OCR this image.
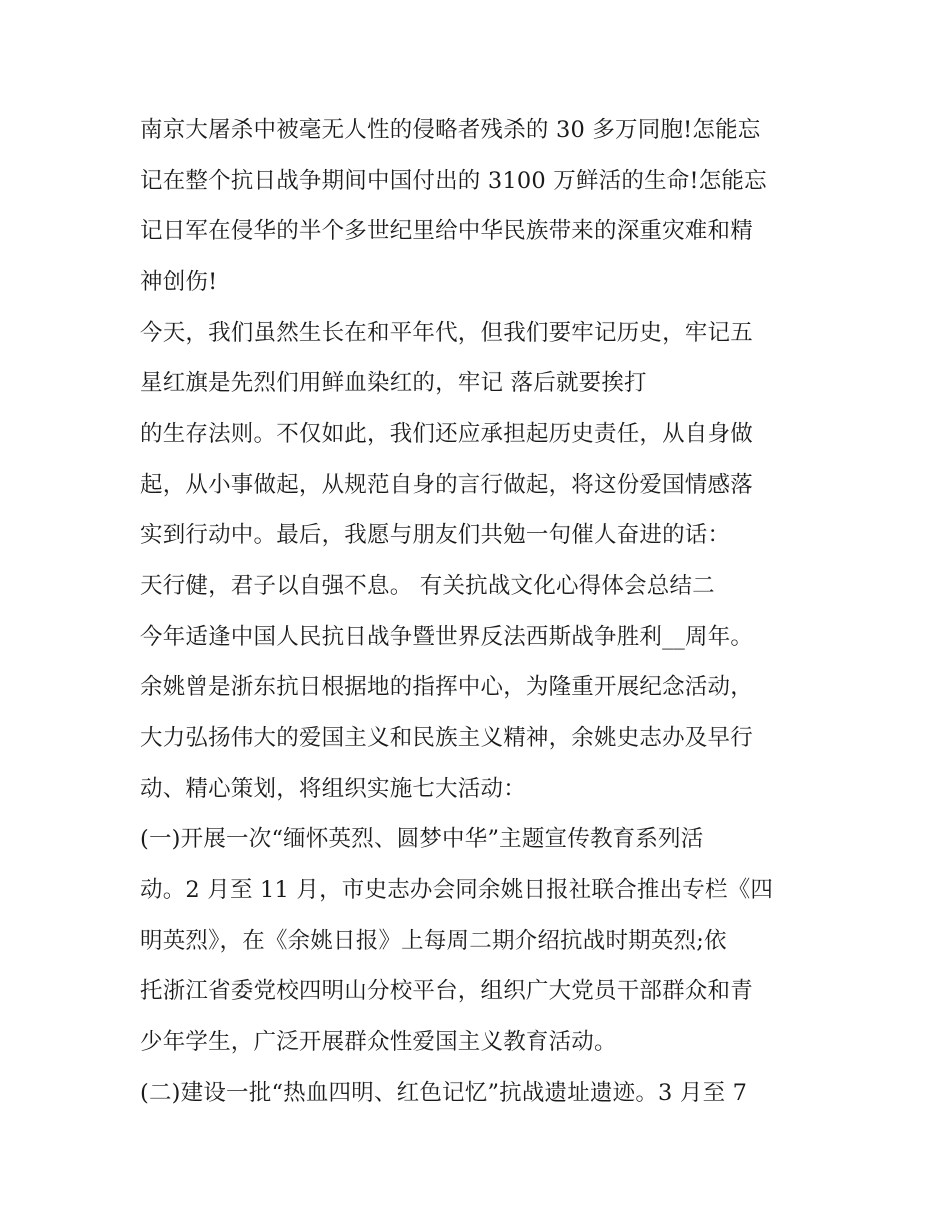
南京大屠杀中被毫无人性的侵略者残杀的 30 多万同胞!怎能忘
记在整个抗日战争期间中国付出的 3100 万鲜活的生命!怎能忘
记日军在侵华的半个多世纪里给中华民族带来的深重灾难和精
神创伤!
今天，我们虽然生长在和平年代，但我们要牢记历史，牢记五
星红旗是先烈们用鲜血染红的，牢记 落后就要挨打
的生存法则。不仅如此，我们还应承担起历史责任，从自身做
起，从小事做起，从规范自身的言行做起，将这份爱国情感落
实到行动中。最后，我愿与朋友们共勉一句催人奋进的话：
天行健，君子以自强不息。 有关抗战文化心得体会总结二
今年适逢中国人民抗日战争暨世界反法西斯战争胜利__周年。
余姚曾是浙东抗日根据地的指挥中心，为隆重开展纪念活动，
大力弘扬伟大的爱国主义和民族主义精神，余姚史志办及早行
动、精心策划，将组织实施七大活动：
(一)开展一次“缅怀英烈、圆梦中华”主题宣传教育系列活
动。2 月至 11 月，市史志办会同余姚日报社联合推出专栏《四
明英烈》，在《余姚日报》上每周二期介绍抗战时期英烈;依
托浙江省委党校四明山分校平台，组织广大党员干部群众和青
少年学生，广泛开展群众性爱国主义教育活动。
(二)建设一批“热血四明、红色记忆”抗战遗址遗迹。3 月至 7
